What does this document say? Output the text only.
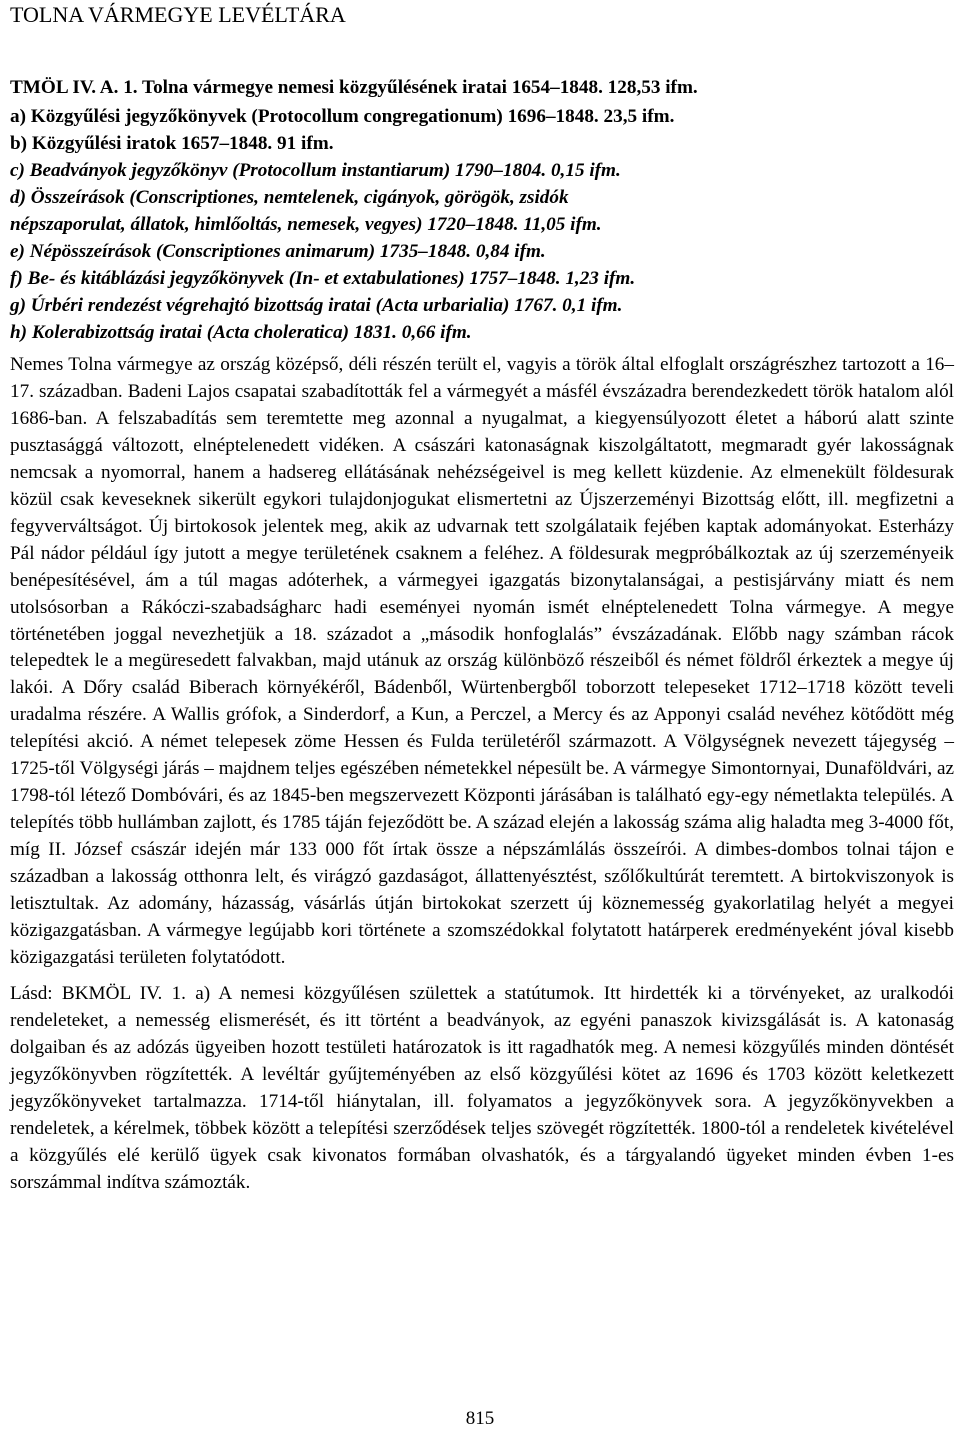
TOLNA VÁRMEGYE LEVÉLTÁRA

TMÖL IV. A. 1. Tolna vármegye nemesi közgyűlésének iratai 1654–1848. 128,53 ifm.

a) Közgyűlési jegyzőkönyvek (Protocollum congregationum) 1696–1848. 23,5 ifm.
b) Közgyűlési iratok 1657–1848. 91 ifm.
c) Beadványok jegyzőkönyv (Protocollum instantiarum) 1790–1804. 0,15 ifm.
d) Összeírások (Conscriptiones, nemtelenek, cigányok, görögök, zsidók
népszaporulat, állatok, himlőoltás, nemesek, vegyes) 1720–1848. 11,05 ifm.
e) Népösszeírások (Conscriptiones animarum) 1735–1848. 0,84 ifm.
f) Be- és kitáblázási jegyzőkönyvek (In- et extabulationes) 1757–1848. 1,23 ifm.
g) Úrbéri rendezést végrehajtó bizottság iratai (Acta urbarialia) 1767. 0,1 ifm.
h) Kolerabizottság iratai (Acta choleratica) 1831. 0,66 ifm.

Nemes Tolna vármegye az ország középső, déli részén terült el, vagyis a török által elfoglalt országrészhez tartozott a 16–17. században. Badeni Lajos csapatai szabadították fel a vármegyét a másfél évszázadra berendezkedett török hatalom alól 1686-ban. A felszabadítás sem teremtette meg azonnal a nyugalmat, a kiegyensúlyozott életet a háború alatt szinte pusztasággá változott, elnéptelenedett vidéken. A császári katonaságnak kiszolgáltatott, megmaradt gyér lakosságnak nemcsak a nyomorral, hanem a hadsereg ellátásának nehézségeivel is meg kellett küzdenie. Az elmenekült földesurak közül csak keveseknek sikerült egykori tulajdonjogukat elismertetni az Újszerzeményi Bizottság előtt, ill. megfizetni a fegyverváltságot. Új birtokosok jelentek meg, akik az udvarnak tett szolgálataik fejében kaptak adományokat. Esterházy Pál nádor például így jutott a megye területének csaknem a feléhez. A földesurak megpróbálkoztak az új szerzeményeik benépesítésével, ám a túl magas adóterhek, a vármegyei igazgatás bizonytalanságai, a pestisjárvány miatt és nem utolsósorban a Rákóczi-szabadságharc hadi eseményei nyomán ismét elnéptelenedett Tolna vármegye. A megye történetében joggal nevezhetjük a 18. századot a „második honfoglalás” évszázadának. Előbb nagy számban rácok telepedtek le a megüresedett falvakban, majd utánuk az ország különböző részeiből és német földről érkeztek a megye új lakói. A Dőry család Biberach környékéről, Bádenből, Würtenbergből toborzott telepeseket 1712–1718 között teveli uradalma részére. A Wallis grófok, a Sinderdorf, a Kun, a Perczel, a Mercy és az Apponyi család nevéhez kötődött még telepítési akció. A német telepesek zöme Hessen és Fulda területéről származott. A Völgységnek nevezett tájegység – 1725-től Völgységi járás – majdnem teljes egészében németekkel népesült be. A vármegye Simontornyai, Dunaföldvári, az 1798-tól létező Dombóvári, és az 1845-ben megszervezett Központi járásában is található egy-egy németlakta település. A telepítés több hullámban zajlott, és 1785 táján fejeződött be. A század elején a lakosság száma alig haladta meg 3-4000 főt, míg II. József császár idején már 133 000 főt írtak össze a népszámlálás összeírói. A dimbes-dombos tolnai tájon e században a lakosság otthonra lelt, és virágzó gazdaságot, állattenyésztést, szőlőkultúrát teremtett. A birtokviszonyok is letisztultak. Az adomány, házasság, vásárlás útján birtokokat szerzett új köznemesség gyakorlatilag helyét a megyei közigazgatásban. A vármegye legújabb kori története a szomszédokkal folytatott határperek eredményeként jóval kisebb közigazgatási területen folytatódott.

Lásd: BKMÖL IV. 1. a) A nemesi közgyűlésen születtek a statútumok. Itt hirdették ki a törvényeket, az uralkodói rendeleteket, a nemesség elismerését, és itt történt a beadványok, az egyéni panaszok kivizsgálását is. A katonaság dolgaiban és az adózás ügyeiben hozott testületi határozatok is itt ragadhatók meg. A nemesi közgyűlés minden döntését jegyzőkönyvben rögzítették. A levéltár gyűjteményében az első közgyűlési kötet az 1696 és 1703 között keletkezett jegyzőkönyveket tartalmazza. 1714-től hiánytalan, ill. folyamatos a jegyzőkönyvek sora. A jegyzőkönyvekben a rendeletek, a kérelmek, többek között a telepítési szerződések teljes szövegét rögzítették. 1800-tól a rendeletek kivételével a közgyűlés elé kerülő ügyek csak kivonatos formában olvashatók, és a tárgyalandó ügyeket minden évben 1-es sorszámmal indítva számozták.

815
